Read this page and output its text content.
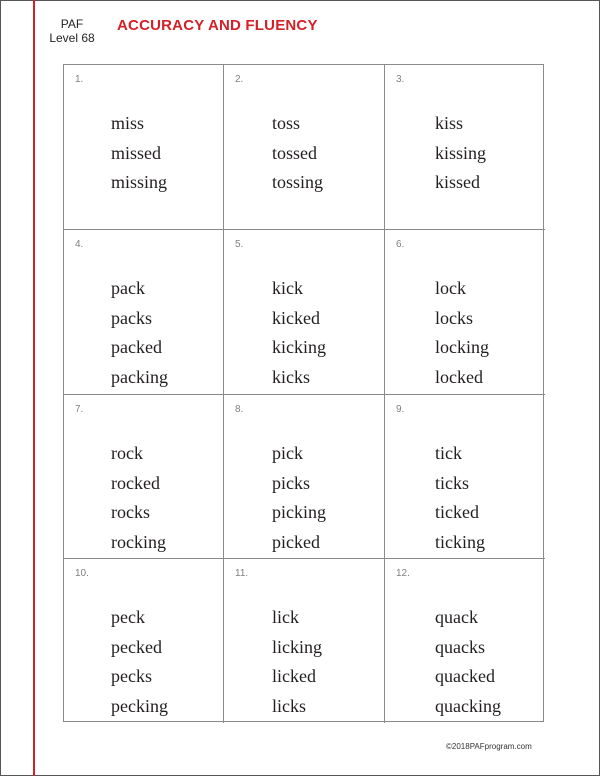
PAF
Level 68
ACCURACY AND FLUENCY
1.
miss
missed
missing
2.
toss
tossed
tossing
3.
kiss
kissing
kissed
4.
pack
packs
packed
packing
5.
kick
kicked
kicking
kicks
6.
lock
locks
locking
locked
7.
rock
rocked
rocks
rocking
8.
pick
picks
picking
picked
9.
tick
ticks
ticked
ticking
10.
peck
pecked
pecks
pecking
11.
lick
licking
licked
licks
12.
quack
quacks
quacked
quacking
©2018PAFprogram.com
